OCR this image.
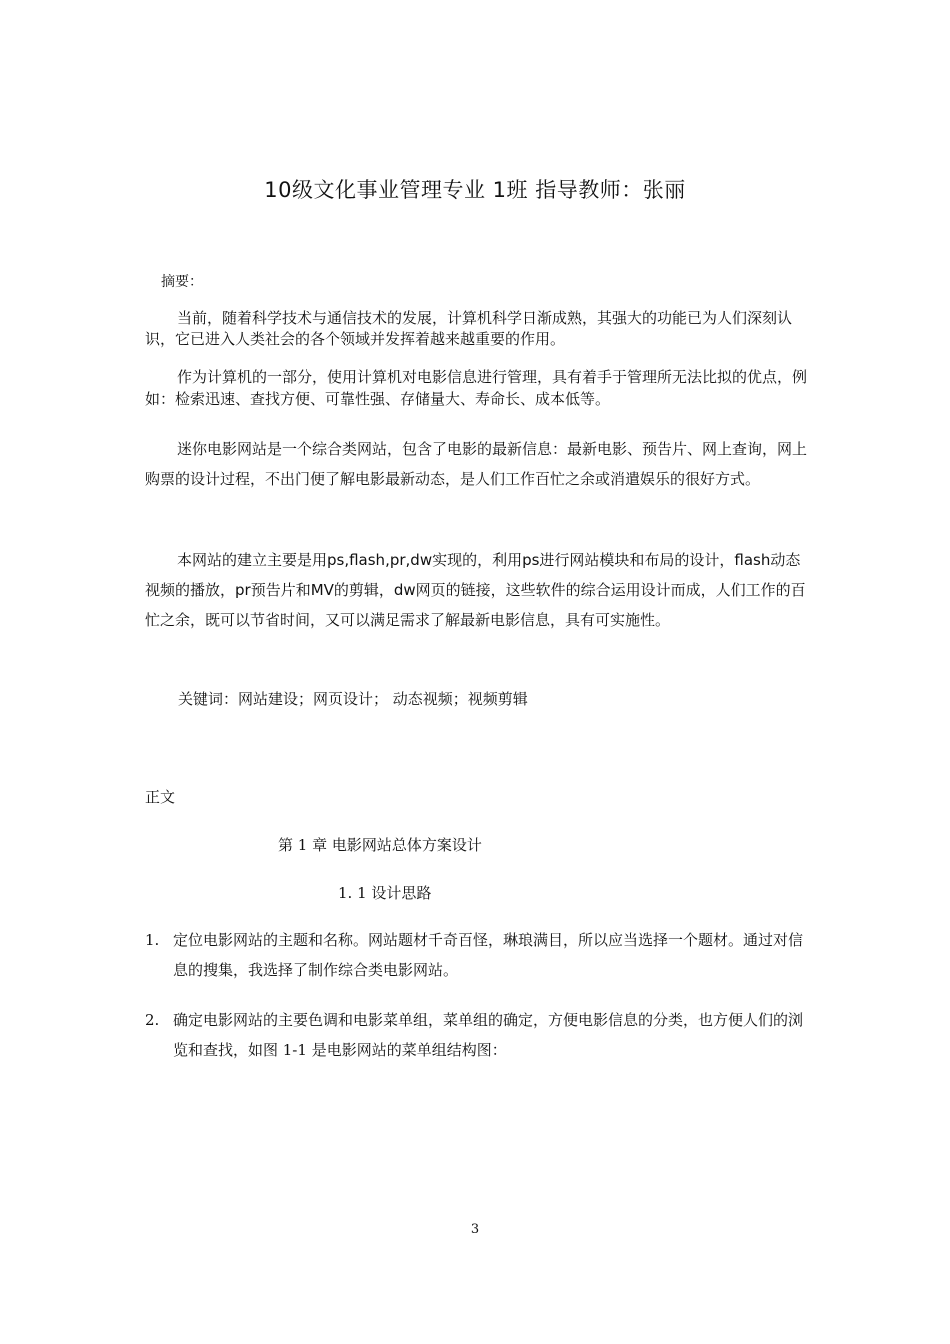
10级文化事业管理专业 1班 指导教师：张丽
摘要：
当前，随着科学技术与通信技术的发展，计算机科学日渐成熟，其强大的功能已为人们深刻认识，它已进入人类社会的各个领域并发挥着越来越重要的作用。
作为计算机的一部分，使用计算机对电影信息进行管理，具有着手于管理所无法比拟的优点，例如：检索迅速、查找方便、可靠性强、存储量大、寿命长、成本低等。
迷你电影网站是一个综合类网站，包含了电影的最新信息：最新电影、预告片、网上查询，网上购票的设计过程，不出门便了解电影最新动态，是人们工作百忙之余或消遣娱乐的很好方式。
本网站的建立主要是用ps,flash,pr,dw实现的，利用ps进行网站模块和布局的设计，flash动态视频的播放，pr预告片和MV的剪辑，dw网页的链接，这些软件的综合运用设计而成，人们工作的百忙之余，既可以节省时间，又可以满足需求了解最新电影信息，具有可实施性。
关键词：网站建设；网页设计； 动态视频；视频剪辑
正文
第 1 章 电影网站总体方案设计
1. 1 设计思路
1. 定位电影网站的主题和名称。网站题材千奇百怪，琳琅满目，所以应当选择一个题材。通过对信息的搜集，我选择了制作综合类电影网站。
2. 确定电影网站的主要色调和电影菜单组，菜单组的确定，方便电影信息的分类，也方便人们的浏览和查找，如图 1-1 是电影网站的菜单组结构图：
3
